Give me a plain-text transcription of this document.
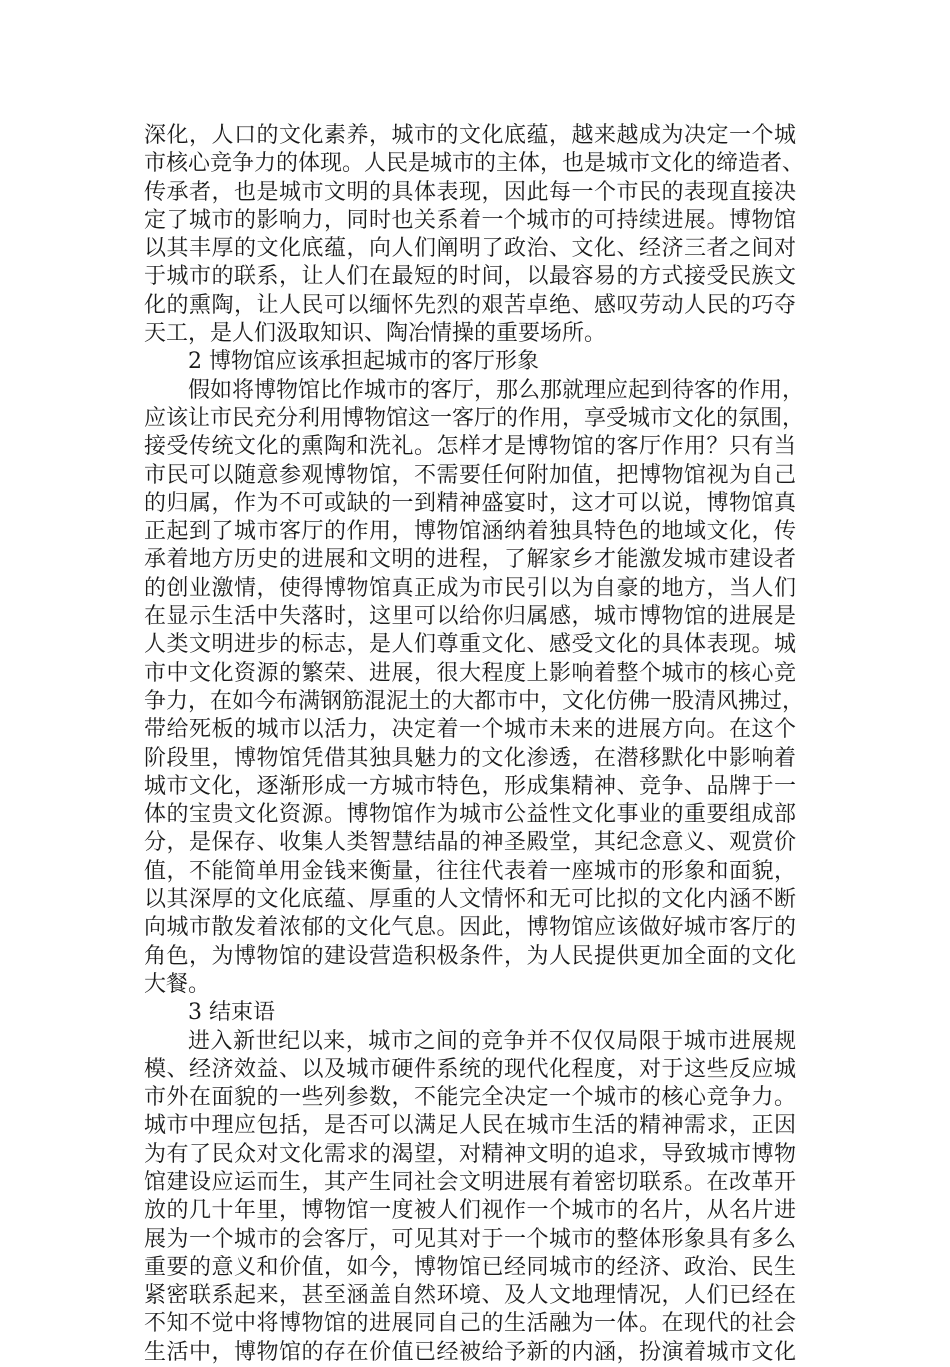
深化，人口的文化素养，城市的文化底蕴，越来越成为决定一个城
市核心竞争力的体现。人民是城市的主体，也是城市文化的缔造者、
传承者，也是城市文明的具体表现，因此每一个市民的表现直接决
定了城市的影响力，同时也关系着一个城市的可持续进展。博物馆
以其丰厚的文化底蕴，向人们阐明了政治、文化、经济三者之间对
于城市的联系，让人们在最短的时间，以最容易的方式接受民族文
化的熏陶，让人民可以缅怀先烈的艰苦卓绝、感叹劳动人民的巧夺
天工，是人们汲取知识、陶冶情操的重要场所。
2 博物馆应该承担起城市的客厅形象
假如将博物馆比作城市的客厅，那么那就理应起到待客的作用，
应该让市民充分利用博物馆这一客厅的作用，享受城市文化的氛围，
接受传统文化的熏陶和洗礼。怎样才是博物馆的客厅作用？只有当
市民可以随意参观博物馆，不需要任何附加值，把博物馆视为自己
的归属，作为不可或缺的一到精神盛宴时，这才可以说，博物馆真
正起到了城市客厅的作用，博物馆涵纳着独具特色的地域文化，传
承着地方历史的进展和文明的进程，了解家乡才能激发城市建设者
的创业激情，使得博物馆真正成为市民引以为自豪的地方，当人们
在显示生活中失落时，这里可以给你归属感，城市博物馆的进展是
人类文明进步的标志，是人们尊重文化、感受文化的具体表现。城
市中文化资源的繁荣、进展，很大程度上影响着整个城市的核心竞
争力，在如今布满钢筋混泥土的大都市中，文化仿佛一股清风拂过，
带给死板的城市以活力，决定着一个城市未来的进展方向。在这个
阶段里，博物馆凭借其独具魅力的文化渗透，在潜移默化中影响着
城市文化，逐渐形成一方城市特色，形成集精神、竞争、品牌于一
体的宝贵文化资源。博物馆作为城市公益性文化事业的重要组成部
分，是保存、收集人类智慧结晶的神圣殿堂，其纪念意义、观赏价
值，不能简单用金钱来衡量，往往代表着一座城市的形象和面貌，
以其深厚的文化底蕴、厚重的人文情怀和无可比拟的文化内涵不断
向城市散发着浓郁的文化气息。因此，博物馆应该做好城市客厅的
角色，为博物馆的建设营造积极条件，为人民提供更加全面的文化
大餐。
3 结束语
进入新世纪以来，城市之间的竞争并不仅仅局限于城市进展规
模、经济效益、以及城市硬件系统的现代化程度，对于这些反应城
市外在面貌的一些列参数，不能完全决定一个城市的核心竞争力。
城市中理应包括，是否可以满足人民在城市生活的精神需求，正因
为有了民众对文化需求的渴望，对精神文明的追求，导致城市博物
馆建设应运而生，其产生同社会文明进展有着密切联系。在改革开
放的几十年里，博物馆一度被人们视作一个城市的名片，从名片进
展为一个城市的会客厅，可见其对于一个城市的整体形象具有多么
重要的意义和价值，如今，博物馆已经同城市的经济、政治、民生
紧密联系起来，甚至涵盖自然环境、及人文地理情况，人们已经在
不知不觉中将博物馆的进展同自己的生活融为一体。在现代的社会
生活中，博物馆的存在价值已经被给予新的内涵，扮演着城市文化
